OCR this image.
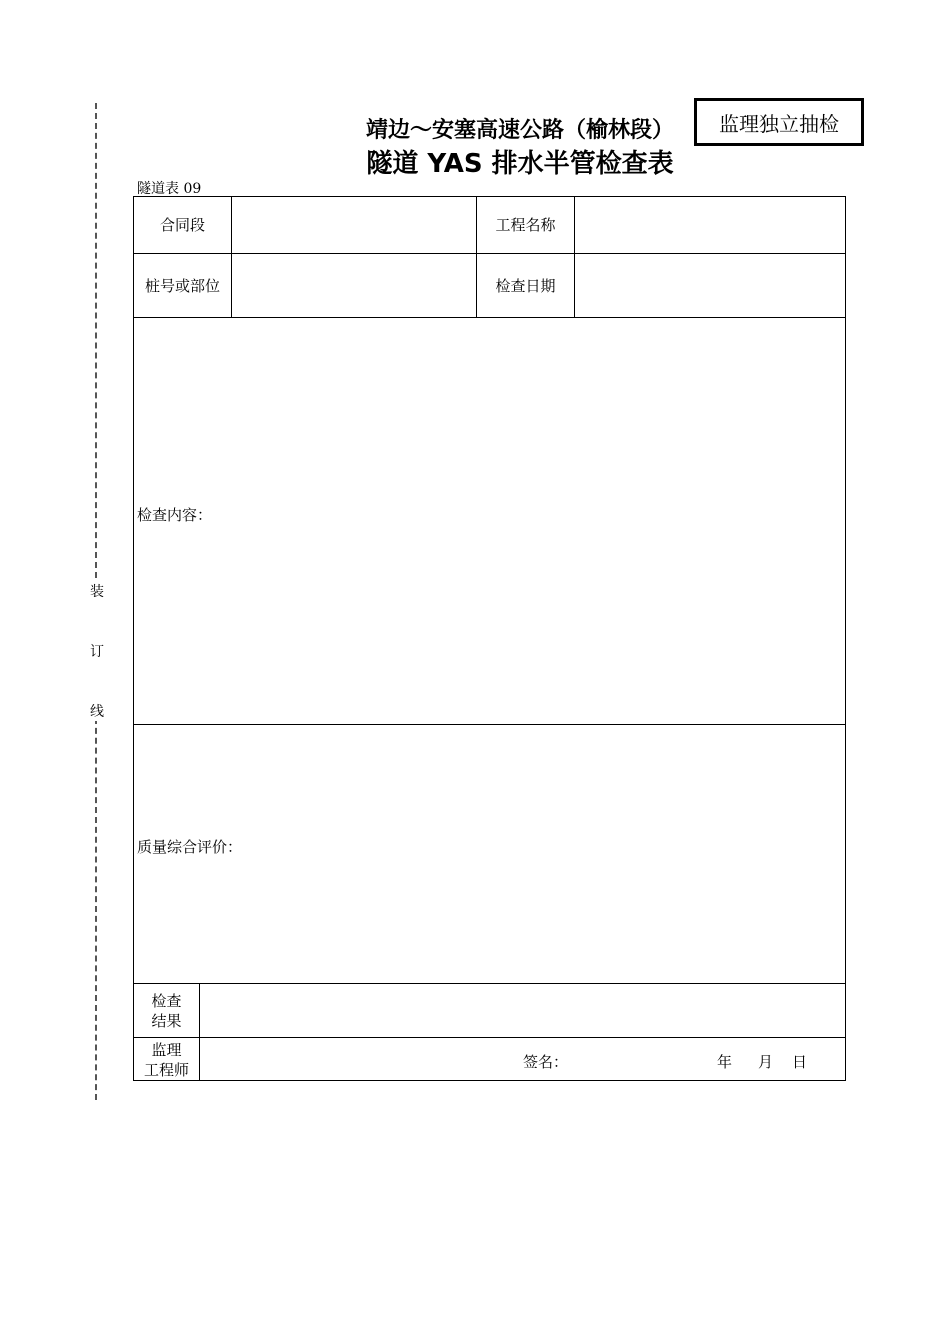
装
订
线
监理独立抽检
靖边～安塞高速公路（榆林段）
隧道 YAS 排水半管检查表
隧道表 09
合同段	工程名称
桩号或部位	检查日期
检查内容：
质量综合评价：
检查
结果
监理
工程师	签名：	年 月 日
